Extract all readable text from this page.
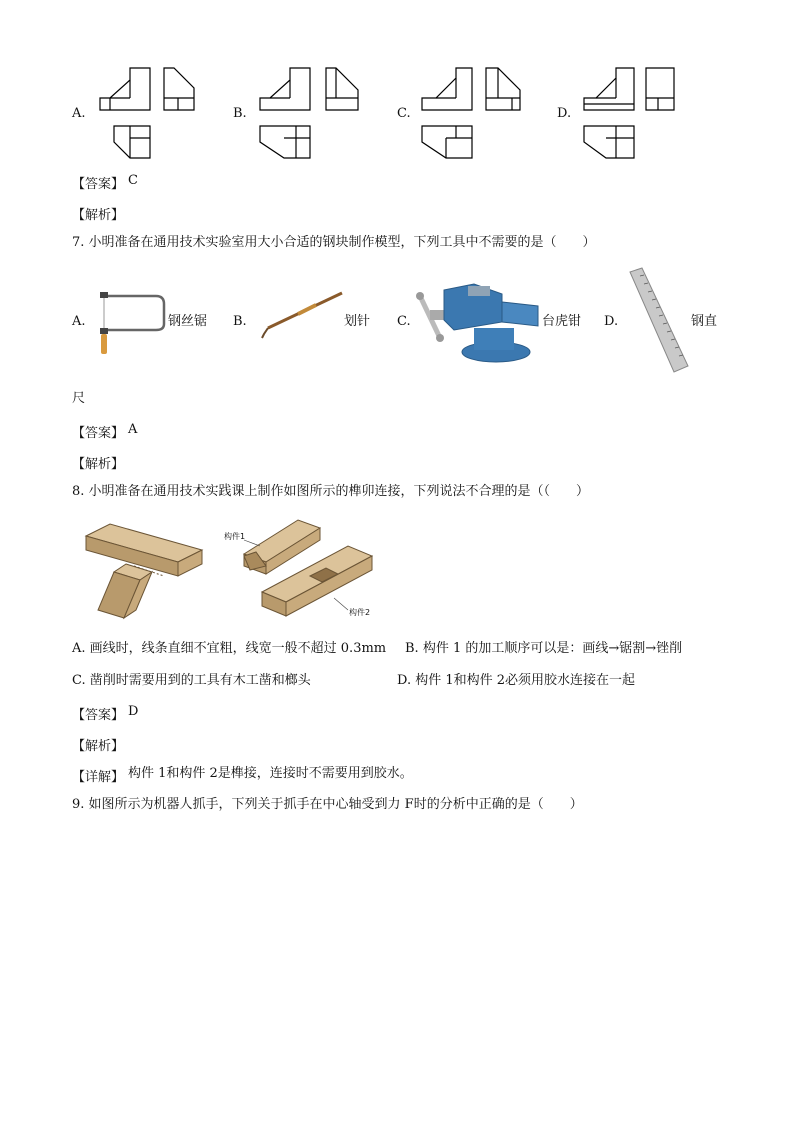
A.	B.	C.	D.
【答案】 C
【解析】
7. 小明准备在通用技术实验室用大小合适的钢块制作模型，下列工具中不需要的是（　　）
A.	钢丝锯 B.	划针 C.	台虎钳 D.	钢直
尺
【答案】 A
【解析】
8. 小明准备在通用技术实践课上制作如图所示的榫卯连接，下列说法不合理的是（（　　）
构件1
构件2
A. 画线时，线条直细不宜粗，线宽一般不超过 0.3mm B. 构件 1 的加工顺序可以是：画线→锯割→锉削
C. 凿削时需要用到的工具有木工凿和榔头	D. 构件 1和构件 2必须用胶水连接在一起
【答案】 D
【解析】
【详解】 构件 1和构件 2是榫接，连接时不需要用到胶水。
9. 如图所示为机器人抓手，下列关于抓手在中心轴受到力 F时的分析中正确的是（　　）
